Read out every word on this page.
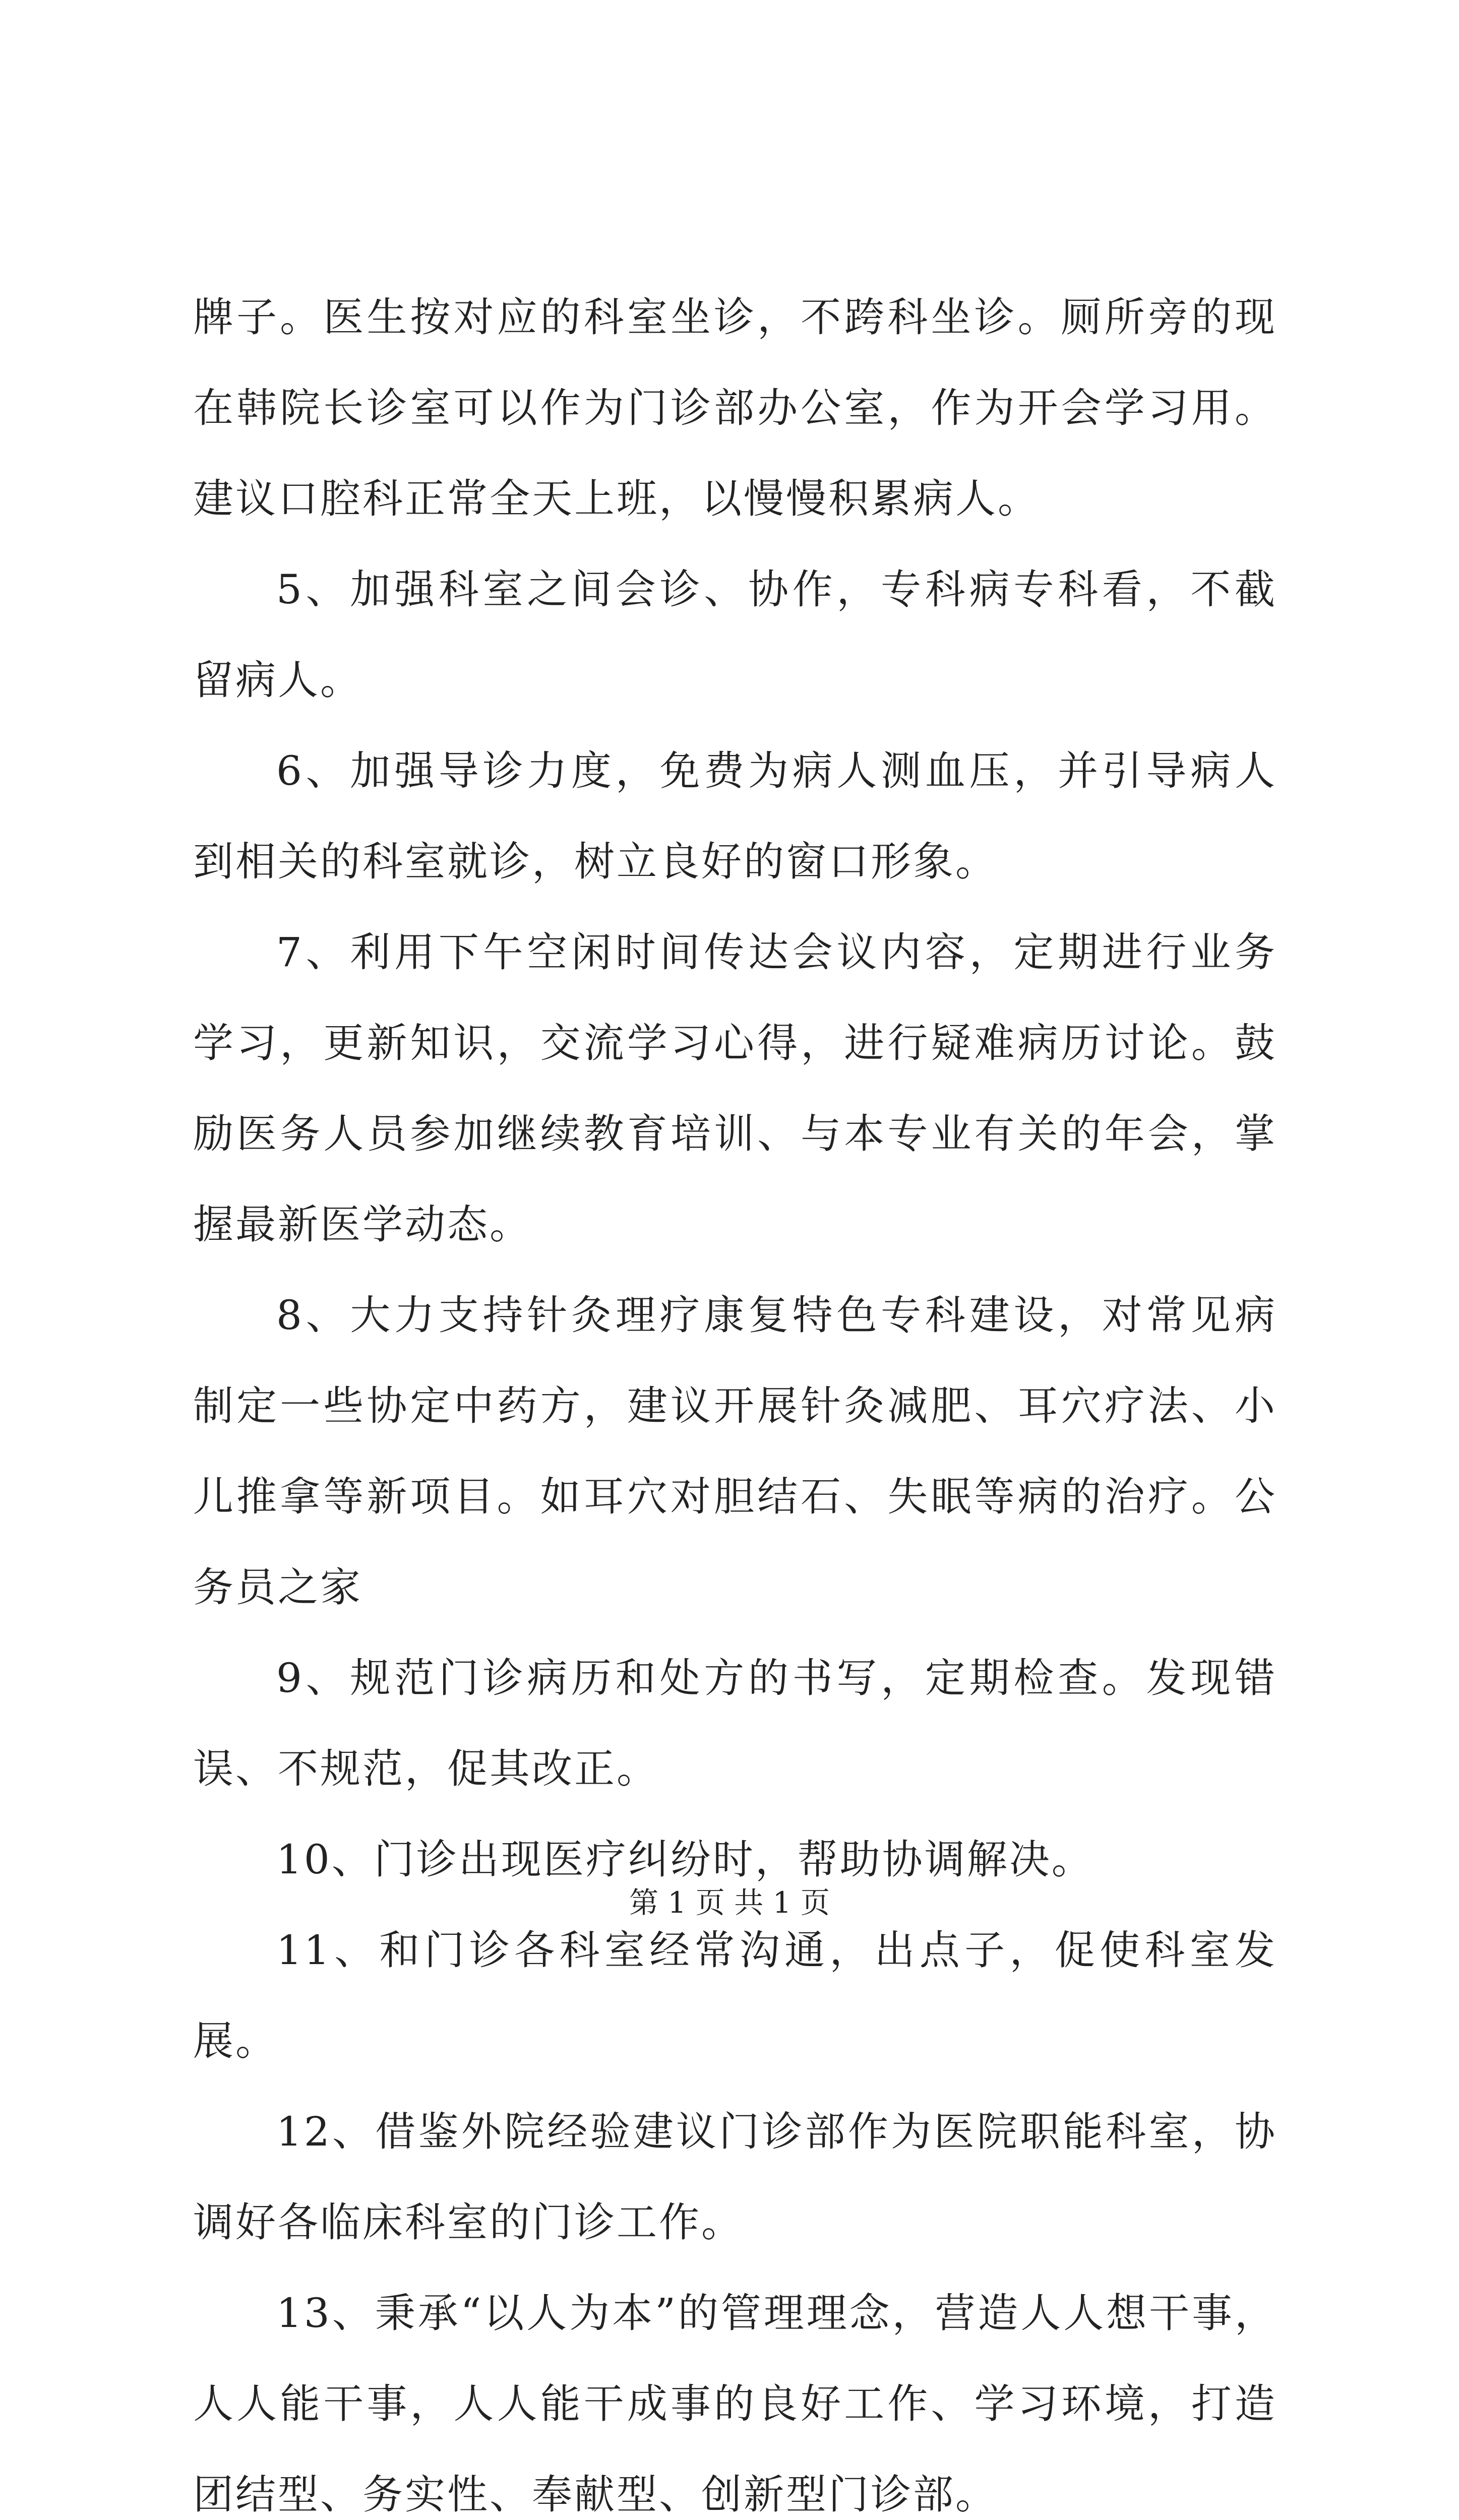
牌子。医生按对应的科室坐诊，不跨科坐诊。厕所旁的现在韩院长诊室可以作为门诊部办公室，作为开会学习用。建议口腔科正常全天上班，以慢慢积累病人。

5、加强科室之间会诊、协作，专科病专科看，不截留病人。

6、加强导诊力度，免费为病人测血压，并引导病人到相关的科室就诊，树立良好的窗口形象。

7、利用下午空闲时间传达会议内容，定期进行业务学习，更新知识，交流学习心得，进行疑难病历讨论。鼓励医务人员参加继续教育培训、与本专业有关的年会，掌握最新医学动态。

8、大力支持针灸理疗康复特色专科建设，对常见病制定一些协定中药方，建议开展针灸减肥、耳穴疗法、小儿推拿等新项目。如耳穴对胆结石、失眠等病的治疗。公务员之家

9、规范门诊病历和处方的书写，定期检查。发现错误、不规范，促其改正。

10、门诊出现医疗纠纷时，帮助协调解决。

11、和门诊各科室经常沟通，出点子，促使科室发展。

12、借鉴外院经验建议门诊部作为医院职能科室，协调好各临床科室的门诊工作。

13、秉承“以人为本”的管理理念，营造人人想干事，人人能干事，人人能干成事的良好工作、学习环境，打造团结型、务实性、奉献型、创新型门诊部。

第 1 页 共 1 页
